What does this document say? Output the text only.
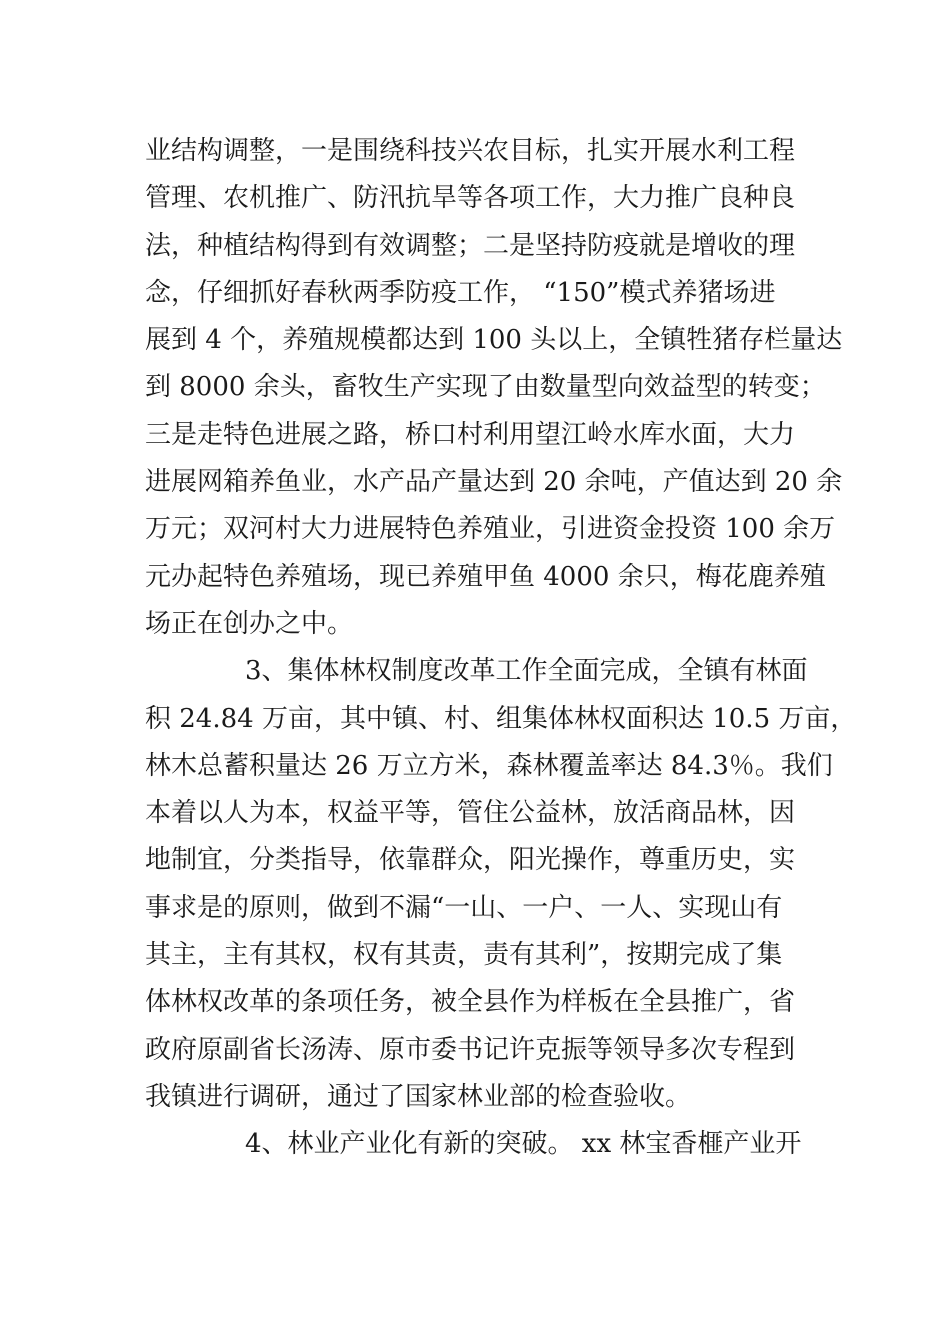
业结构调整，一是围绕科技兴农目标，扎实开展水利工程
管理、农机推广、防汛抗旱等各项工作，大力推广良种良
法，种植结构得到有效调整；二是坚持防疫就是增收的理
念，仔细抓好春秋两季防疫工作， “150”模式养猪场进
展到 4 个，养殖规模都达到 100 头以上，全镇牲猪存栏量达
到 8000 余头，畜牧生产实现了由数量型向效益型的转变；
三是走特色进展之路，桥口村利用望江岭水库水面，大力
进展网箱养鱼业，水产品产量达到 20 余吨，产值达到 20 余
万元；双河村大力进展特色养殖业，引进资金投资 100 余万
元办起特色养殖场，现已养殖甲鱼 4000 余只，梅花鹿养殖
场正在创办之中。
3、集体林权制度改革工作全面完成，全镇有林面
积 24.84 万亩，其中镇、村、组集体林权面积达 10.5 万亩，
林木总蓄积量达 26 万立方米，森林覆盖率达 84.3％。我们
本着以人为本，权益平等，管住公益林，放活商品林，因
地制宜，分类指导，依靠群众，阳光操作，尊重历史，实
事求是的原则，做到不漏“一山、一户、一人、实现山有
其主，主有其权，权有其责，责有其利”，按期完成了集
体林权改革的条项任务，被全县作为样板在全县推广，省
政府原副省长汤涛、原市委书记许克振等领导多次专程到
我镇进行调研，通过了国家林业部的检查验收。
4、林业产业化有新的突破。 xx 林宝香榧产业开
